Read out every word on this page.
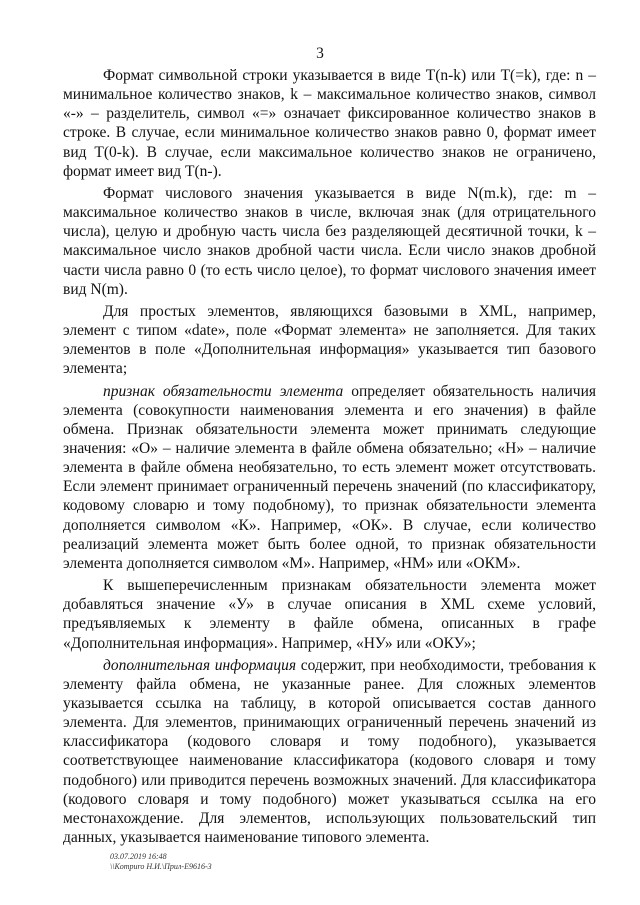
3

Формат символьной строки указывается в виде T(n-k) или T(=k), где: n – минимальное количество знаков, k – максимальное количество знаков, символ «-» – разделитель, символ «=» означает фиксированное количество знаков в строке. В случае, если минимальное количество знаков равно 0, формат имеет вид T(0-k). В случае, если максимальное количество знаков не ограничено, формат имеет вид T(n-).

Формат числового значения указывается в виде N(m.k), где: m – максимальное количество знаков в числе, включая знак (для отрицательного числа), целую и дробную часть числа без разделяющей десятичной точки, k – максимальное число знаков дробной части числа. Если число знаков дробной части числа равно 0 (то есть число целое), то формат числового значения имеет вид N(m).

Для простых элементов, являющихся базовыми в XML, например, элемент с типом «date», поле «Формат элемента» не заполняется. Для таких элементов в поле «Дополнительная информация» указывается тип базового элемента;

признак обязательности элемента определяет обязательность наличия элемента (совокупности наименования элемента и его значения) в файле обмена. Признак обязательности элемента может принимать следующие значения: «О» – наличие элемента в файле обмена обязательно; «Н» – наличие элемента в файле обмена необязательно, то есть элемент может отсутствовать. Если элемент принимает ограниченный перечень значений (по классификатору, кодовому словарю и тому подобному), то признак обязательности элемента дополняется символом «К». Например, «ОК». В случае, если количество реализаций элемента может быть более одной, то признак обязательности элемента дополняется символом «М». Например, «НМ» или «ОКМ».

К вышеперечисленным признакам обязательности элемента может добавляться значение «У» в случае описания в XML схеме условий, предъявляемых к элементу в файле обмена, описанных в графе «Дополнительная информация». Например, «НУ» или «ОКУ»;

дополнительная информация содержит, при необходимости, требования к элементу файла обмена, не указанные ранее. Для сложных элементов указывается ссылка на таблицу, в которой описывается состав данного элемента. Для элементов, принимающих ограниченный перечень значений из классификатора (кодового словаря и тому подобного), указывается соответствующее наименование классификатора (кодового словаря и тому подобного) или приводится перечень возможных значений. Для классификатора (кодового словаря и тому подобного) может указываться ссылка на его местонахождение. Для элементов, использующих пользовательский тип данных, указывается наименование типового элемента.

03.07.2019 16:48
\\Kompuro Н.И.\Прил-Е9616-3
